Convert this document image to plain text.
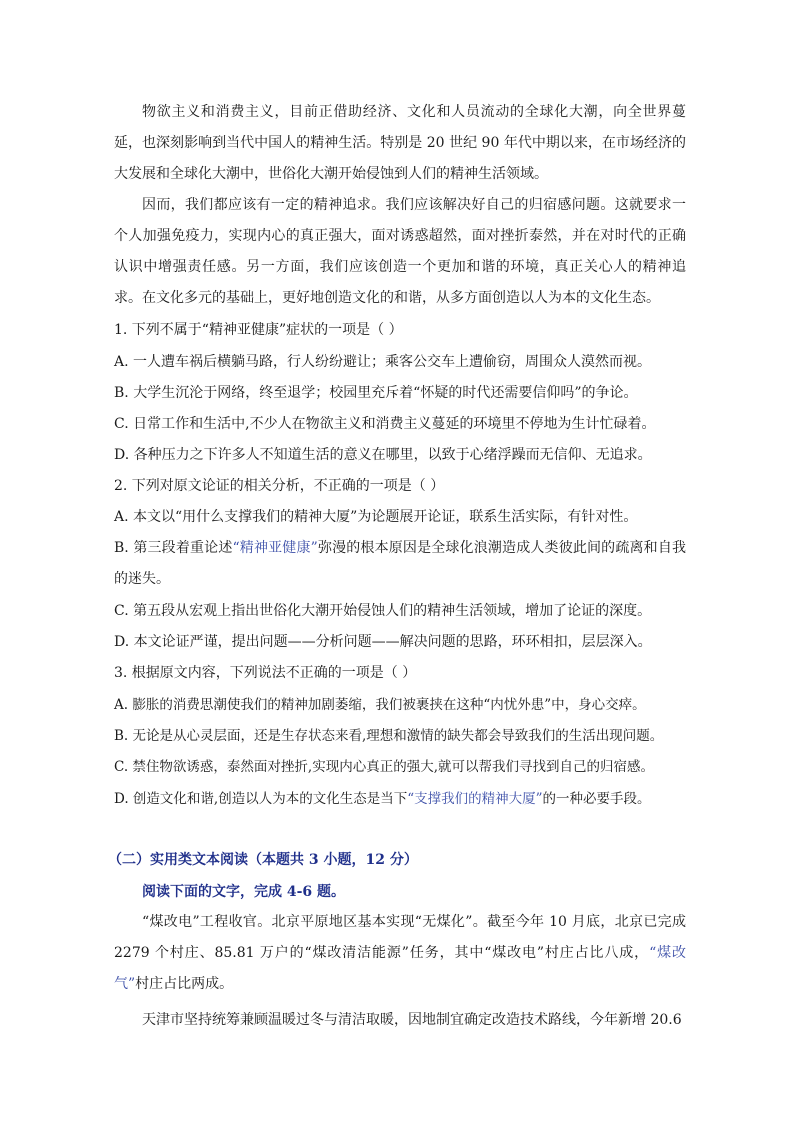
物欲主义和消费主义，目前正借助经济、文化和人员流动的全球化大潮，向全世界蔓延，也深刻影响到当代中国人的精神生活。特别是 20 世纪 90 年代中期以来，在市场经济的大发展和全球化大潮中，世俗化大潮开始侵蚀到人们的精神生活领域。

因而，我们都应该有一定的精神追求。我们应该解决好自己的归宿感问题。这就要求一个人加强免疫力，实现内心的真正强大，面对诱惑超然，面对挫折泰然，并在对时代的正确认识中增强责任感。另一方面，我们应该创造一个更加和谐的环境，真正关心人的精神追求。在文化多元的基础上，更好地创造文化的和谐，从多方面创造以人为本的文化生态。

1. 下列不属于“精神亚健康”症状的一项是（ ）

A. 一人遭车祸后横躺马路，行人纷纷避让；乘客公交车上遭偷窃，周围众人漠然而视。

B. 大学生沉沦于网络，终至退学；校园里充斥着“怀疑的时代还需要信仰吗”的争论。

C. 日常工作和生活中,不少人在物欲主义和消费主义蔓延的环境里不停地为生计忙碌着。

D. 各种压力之下许多人不知道生活的意义在哪里，以致于心绪浮躁而无信仰、无追求。

2. 下列对原文论证的相关分析，不正确的一项是（ ）

A. 本文以“用什么支撑我们的精神大厦”为论题展开论证，联系生活实际，有针对性。

B. 第三段着重论述“精神亚健康”弥漫的根本原因是全球化浪潮造成人类彼此间的疏离和自我的迷失。

C. 第五段从宏观上指出世俗化大潮开始侵蚀人们的精神生活领域，增加了论证的深度。

D. 本文论证严谨，提出问题——分析问题——解决问题的思路，环环相扣，层层深入。

3. 根据原文内容，下列说法不正确的一项是（ ）

A. 膨胀的消费思潮使我们的精神加剧萎缩，我们被裹挟在这种“内忧外患”中，身心交瘁。

B. 无论是从心灵层面，还是生存状态来看,理想和激情的缺失都会导致我们的生活出现问题。

C. 禁住物欲诱惑，泰然面对挫折,实现内心真正的强大,就可以帮我们寻找到自己的归宿感。

D. 创造文化和谐,创造以人为本的文化生态是当下“支撑我们的精神大厦”的一种必要手段。

（二）实用类文本阅读（本题共 3 小题，12 分）
阅读下面的文字，完成 4-6 题。

“煤改电”工程收官。北京平原地区基本实现“无煤化”。截至今年 10 月底，北京已完成 2279 个村庄、85.81 万户的“煤改清洁能源”任务，其中“煤改电”村庄占比八成，“煤改气”村庄占比两成。

天津市坚持统筹兼顾温暖过冬与清洁取暖，因地制宜确定改造技术路线，今年新增 20.6
